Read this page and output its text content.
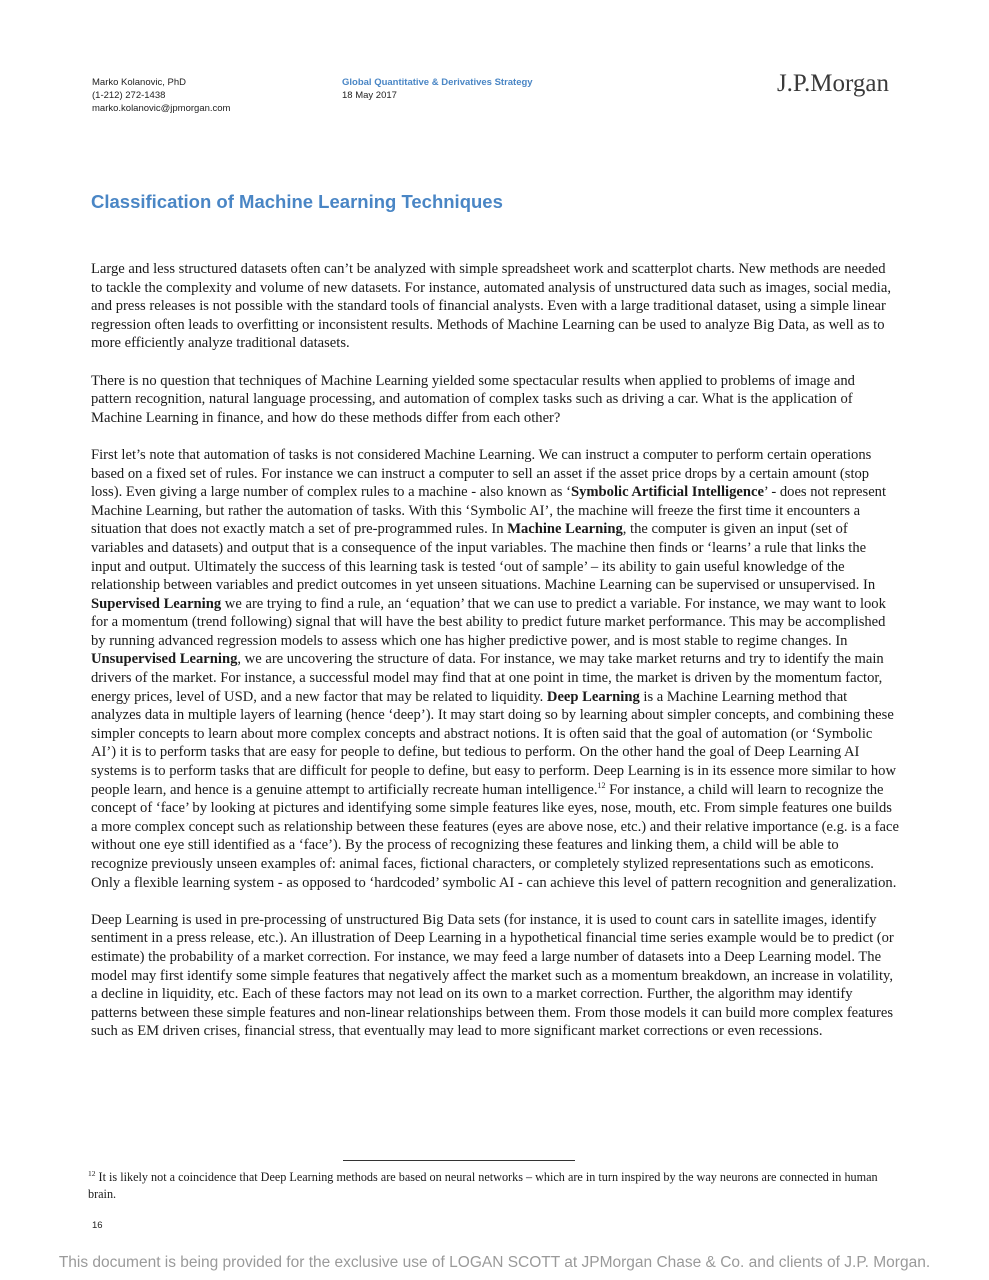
Marko Kolanovic, PhD
(1-212) 272-1438
marko.kolanovic@jpmorgan.com
Global Quantitative & Derivatives Strategy
18 May 2017	J.P.Morgan
Classification of Machine Learning Techniques

Large and less structured datasets often can’t be analyzed with simple spreadsheet work and scatterplot charts. New methods are needed to tackle the complexity and volume of new datasets. For instance, automated analysis of unstructured data such as images, social media, and press releases is not possible with the standard tools of financial analysts. Even with a large traditional dataset, using a simple linear regression often leads to overfitting or inconsistent results. Methods of Machine Learning can be used to analyze Big Data, as well as to more efficiently analyze traditional datasets.

There is no question that techniques of Machine Learning yielded some spectacular results when applied to problems of image and pattern recognition, natural language processing, and automation of complex tasks such as driving a car. What is the application of Machine Learning in finance, and how do these methods differ from each other?

First let’s note that automation of tasks is not considered Machine Learning. We can instruct a computer to perform certain operations based on a fixed set of rules. For instance we can instruct a computer to sell an asset if the asset price drops by a certain amount (stop loss). Even giving a large number of complex rules to a machine - also known as ‘Symbolic Artificial Intelligence’ - does not represent Machine Learning, but rather the automation of tasks. With this ‘Symbolic AI’, the machine will freeze the first time it encounters a situation that does not exactly match a set of pre-programmed rules. In Machine Learning, the computer is given an input (set of variables and datasets) and output that is a consequence of the input variables. The machine then finds or ‘learns’ a rule that links the input and output. Ultimately the success of this learning task is tested ‘out of sample’ – its ability to gain useful knowledge of the relationship between variables and predict outcomes in yet unseen situations. Machine Learning can be supervised or unsupervised. In Supervised Learning we are trying to find a rule, an ‘equation’ that we can use to predict a variable. For instance, we may want to look for a momentum (trend following) signal that will have the best ability to predict future market performance. This may be accomplished by running advanced regression models to assess which one has higher predictive power, and is most stable to regime changes. In Unsupervised Learning, we are uncovering the structure of data. For instance, we may take market returns and try to identify the main drivers of the market. For instance, a successful model may find that at one point in time, the market is driven by the momentum factor, energy prices, level of USD, and a new factor that may be related to liquidity. Deep Learning is a Machine Learning method that analyzes data in multiple layers of learning (hence ‘deep’). It may start doing so by learning about simpler concepts, and combining these simpler concepts to learn about more complex concepts and abstract notions. It is often said that the goal of automation (or ‘Symbolic AI’) it is to perform tasks that are easy for people to define, but tedious to perform. On the other hand the goal of Deep Learning AI systems is to perform tasks that are difficult for people to define, but easy to perform. Deep Learning is in its essence more similar to how people learn, and hence is a genuine attempt to artificially recreate human intelligence.$^{12}$ For instance, a child will learn to recognize the concept of ‘face’ by looking at pictures and identifying some simple features like eyes, nose, mouth, etc. From simple features one builds a more complex concept such as relationship between these features (eyes are above nose, etc.) and their relative importance (e.g. is a face without one eye still identified as a ‘face’). By the process of recognizing these features and linking them, a child will be able to recognize previously unseen examples of: animal faces, fictional characters, or completely stylized representations such as emoticons. Only a flexible learning system - as opposed to ‘hardcoded’ symbolic AI - can achieve this level of pattern recognition and generalization.

Deep Learning is used in pre-processing of unstructured Big Data sets (for instance, it is used to count cars in satellite images, identify sentiment in a press release, etc.). An illustration of Deep Learning in a hypothetical financial time series example would be to predict (or estimate) the probability of a market correction. For instance, we may feed a large number of datasets into a Deep Learning model. The model may first identify some simple features that negatively affect the market such as a momentum breakdown, an increase in volatility, a decline in liquidity, etc. Each of these factors may not lead on its own to a market correction. Further, the algorithm may identify patterns between these simple features and non-linear relationships between them. From those models it can build more complex features such as EM driven crises, financial stress, that eventually may lead to more significant market corrections or even recessions.

$^{12}$ It is likely not a coincidence that Deep Learning methods are based on neural networks – which are in turn inspired by the way neurons are connected in human brain.

16
This document is being provided for the exclusive use of LOGAN SCOTT at JPMorgan Chase & Co. and clients of J.P. Morgan.
